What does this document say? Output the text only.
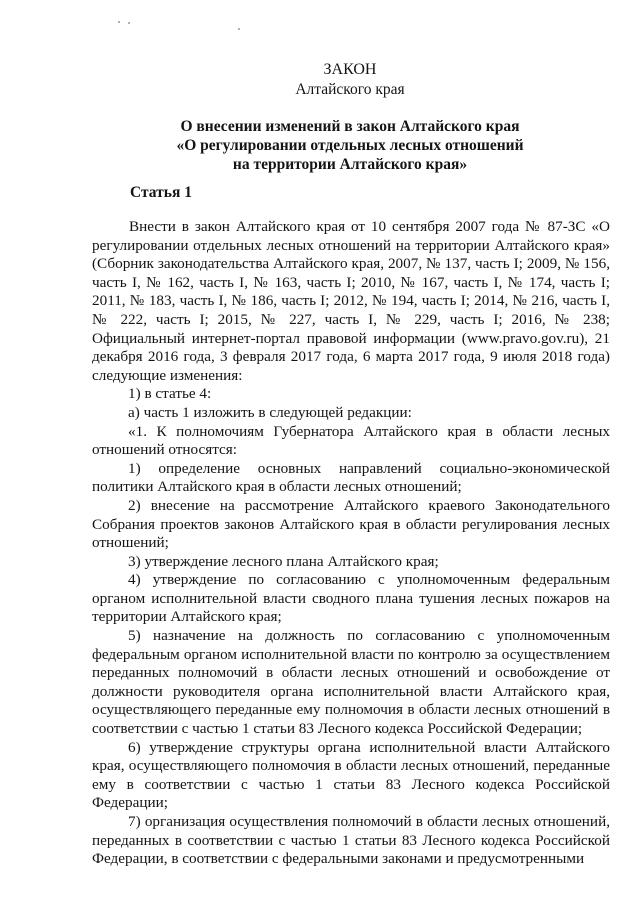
ЗАКОН
Алтайского края
О внесении изменений в закон Алтайского края
«О регулировании отдельных лесных отношений
на территории Алтайского края»
Статья 1

Внести в закон Алтайского края от 10 сентября 2007 года № 87-ЗС «О регулировании отдельных лесных отношений на территории Алтайского края» (Сборник законодательства Алтайского края, 2007, № 137, часть I; 2009, № 156, часть I, № 162, часть I, № 163, часть I; 2010, № 167, часть I, № 174, часть I; 2011, № 183, часть I, № 186, часть I; 2012, № 194, часть I; 2014, № 216, часть I, № 222, часть I; 2015, № 227, часть I, № 229, часть I; 2016, № 238; Официальный интернет-портал правовой информации (www.pravo.gov.ru), 21 декабря 2016 года, 3 февраля 2017 года, 6 марта 2017 года, 9 июля 2018 года) следующие изменения:

1) в статье 4:

а) часть 1 изложить в следующей редакции:

«1. К полномочиям Губернатора Алтайского края в области лесных отношений относятся:

1) определение основных направлений социально-экономической политики Алтайского края в области лесных отношений;

2) внесение на рассмотрение Алтайского краевого Законодательного Собрания проектов законов Алтайского края в области регулирования лесных отношений;

3) утверждение лесного плана Алтайского края;

4) утверждение по согласованию с уполномоченным федеральным органом исполнительной власти сводного плана тушения лесных пожаров на территории Алтайского края;

5) назначение на должность по согласованию с уполномоченным федеральным органом исполнительной власти по контролю за осуществлением переданных полномочий в области лесных отношений и освобождение от должности руководителя органа исполнительной власти Алтайского края, осуществляющего переданные ему полномочия в области лесных отношений в соответствии с частью 1 статьи 83 Лесного кодекса Российской Федерации;

6) утверждение структуры органа исполнительной власти Алтайского края, осуществляющего полномочия в области лесных отношений, переданные ему в соответствии с частью 1 статьи 83 Лесного кодекса Российской Федерации;

7) организация осуществления полномочий в области лесных отношений, переданных в соответствии с частью 1 статьи 83 Лесного кодекса Российской Федерации, в соответствии с федеральными законами и предусмотренными
